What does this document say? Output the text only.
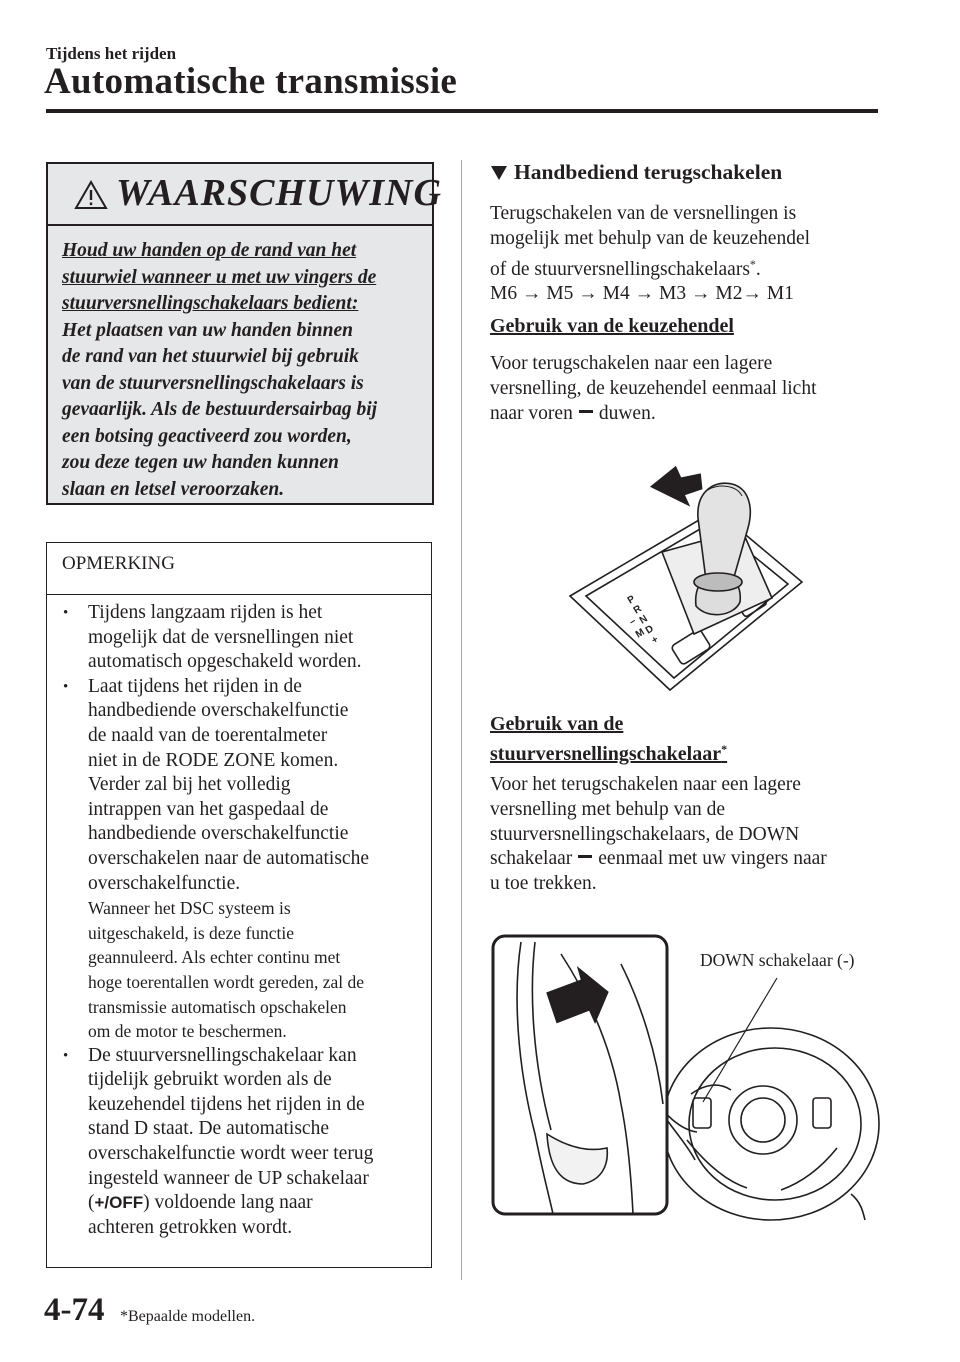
Tijdens het rijden
Automatische transmissie
WAARSCHUWING

Houd uw handen op de rand van het

stuurwiel wanneer u met uw vingers de

stuurversnellingschakelaars bedient:

Het plaatsen van uw handen binnen

de rand van het stuurwiel bij gebruik

van de stuurversnellingschakelaars is

gevaarlijk. Als de bestuurdersairbag bij

een botsing geactiveerd zou worden,

zou deze tegen uw handen kunnen

slaan en letsel veroorzaken.

OPMERKING
• Tijdens langzaam rijden is het
mogelijk dat de versnellingen niet
automatisch opgeschakeld worden.
• Laat tijdens het rijden in de
handbediende overschakelfunctie
de naald van de toerentalmeter
niet in de RODE ZONE komen.
Verder zal bij het volledig
intrappen van het gaspedaal de
handbediende overschakelfunctie
overschakelen naar de automatische
overschakelfunctie.
Wanneer het DSC systeem is
uitgeschakeld, is deze functie
geannuleerd. Als echter continu met
hoge toerentallen wordt gereden, zal de
transmissie automatisch opschakelen
om de motor te beschermen.
• De stuurversnellingschakelaar kan
tijdelijk gebruikt worden als de
keuzehendel tijdens het rijden in de
stand D staat. De automatische
overschakelfunctie wordt weer terug
ingesteld wanneer de UP schakelaar
(+/OFF) voldoende lang naar
achteren getrokken wordt.
Handbediend terugschakelen

Terugschakelen van de versnellingen is

mogelijk met behulp van de keuzehendel

of de stuurversnellingschakelaars*.

M6 → M5 → M4 → M3 → M2→ M1

Gebruik van de keuzehendel

Voor terugschakelen naar een lagere

versnelling, de keuzehendel eenmaal licht

naar voren duwen.

P
R
N
D
M +
−
Gebruik van de
stuurversnellingschakelaar*

Voor het terugschakelen naar een lagere

versnelling met behulp van de

stuurversnellingschakelaars, de DOWN

schakelaar eenmaal met uw vingers naar

u toe trekken.

DOWN schakelaar (-)
4-74 *Bepaalde modellen.
